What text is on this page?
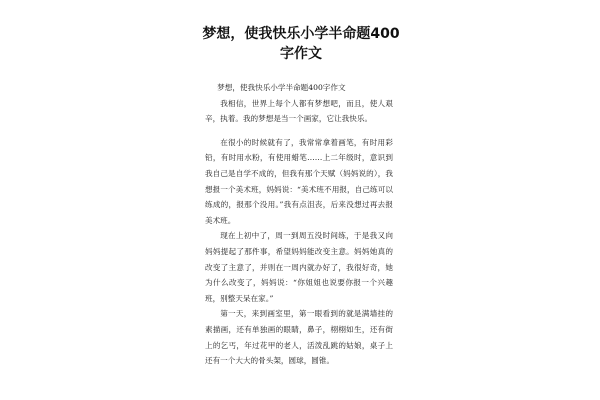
梦想，使我快乐小学半命题400字作文

梦想，使我快乐小学半命题400字作文

我相信，世界上每个人都有梦想吧，而且，使人艰辛，执着。我的梦想是当一个画家，它让我快乐。

在很小的时候就有了，我常常拿着画笔，有时用彩铅，有时用水粉，有使用蜡笔……上二年级时，意识到我自己是自学不成的，但我有那个天赋（妈妈说的），我想报一个美术班，妈妈说：“美术班不用报，自己练可以练成的，报那个没用。”我有点沮丧，后来没想过再去报美术班。

现在上初中了，周一到周五没时间练，于是我又向妈妈提起了那件事，希望妈妈能改变主意。妈妈她真的改变了主意了，并则在一周内就办好了，我很好奇，她为什么改变了，妈妈说：“你姐姐也说要你报一个兴趣班，别整天呆在家。”

第一天，来到画室里，第一眼看到的就是满墙挂的素描画，还有单独画的眼睛，鼻子，栩栩如生，还有街上的乞丐，年过花甲的老人，活泼乱跳的姑娘，桌子上还有一个大大的骨头架，圆球，圆锥。
